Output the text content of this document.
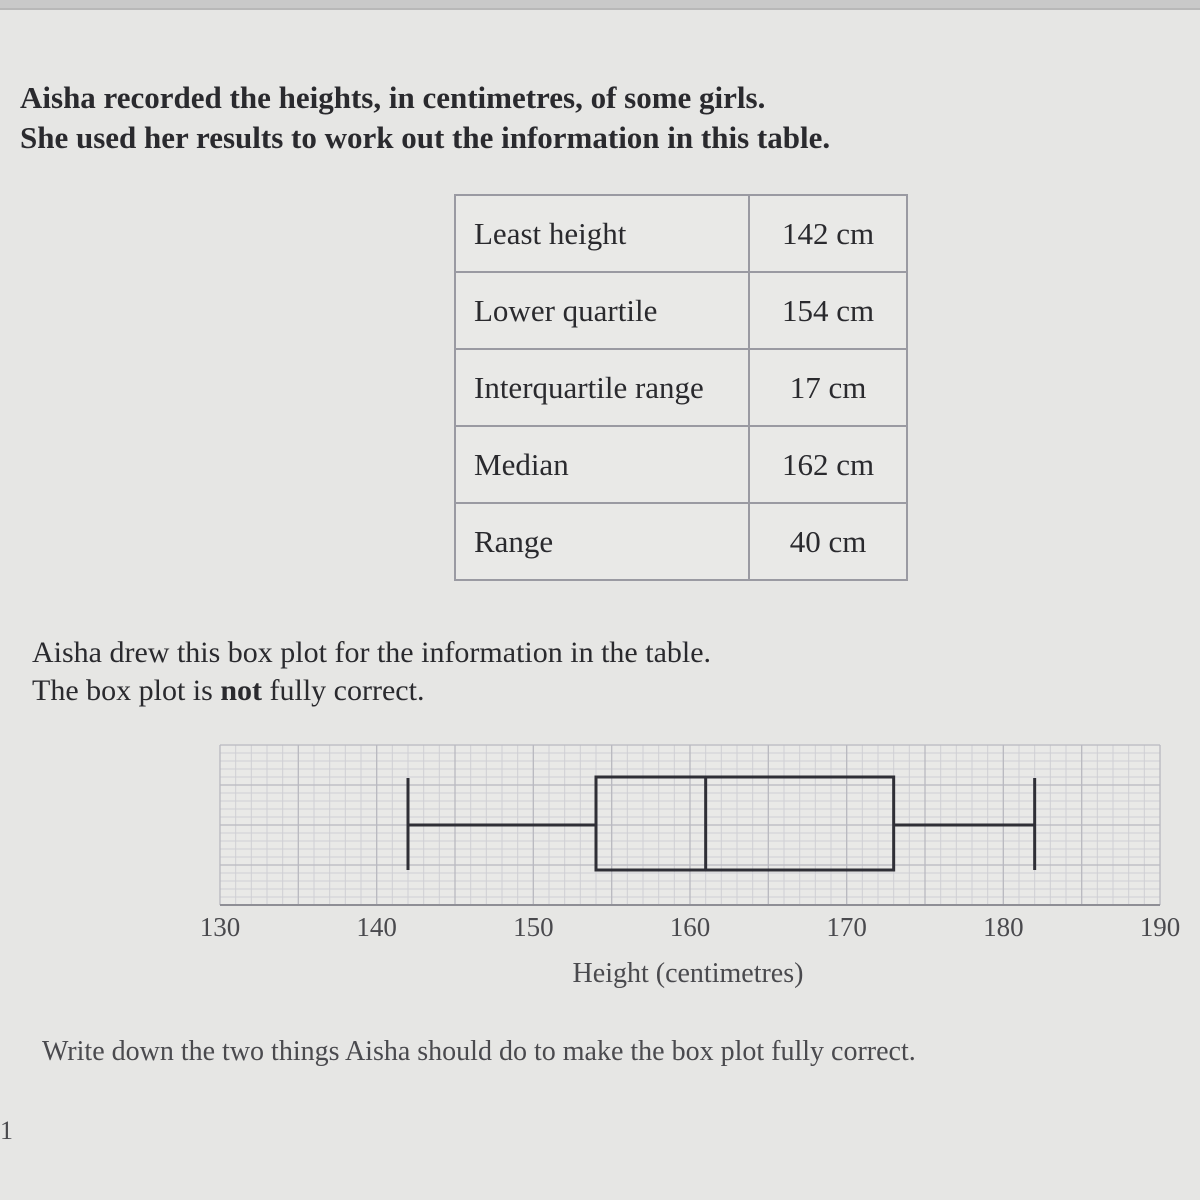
Aisha recorded the heights, in centimetres, of some girls.

She used her results to work out the information in this table.

Least height	142 cm
Lower quartile	154 cm
Interquartile range	17 cm
Median	162 cm
Range	40 cm

Aisha drew this box plot for the information in the table.

The box plot is not fully correct.

130	140	150	160	170	180	190
Height (centimetres)
Write down the two things Aisha should do to make the box plot fully correct.
1
